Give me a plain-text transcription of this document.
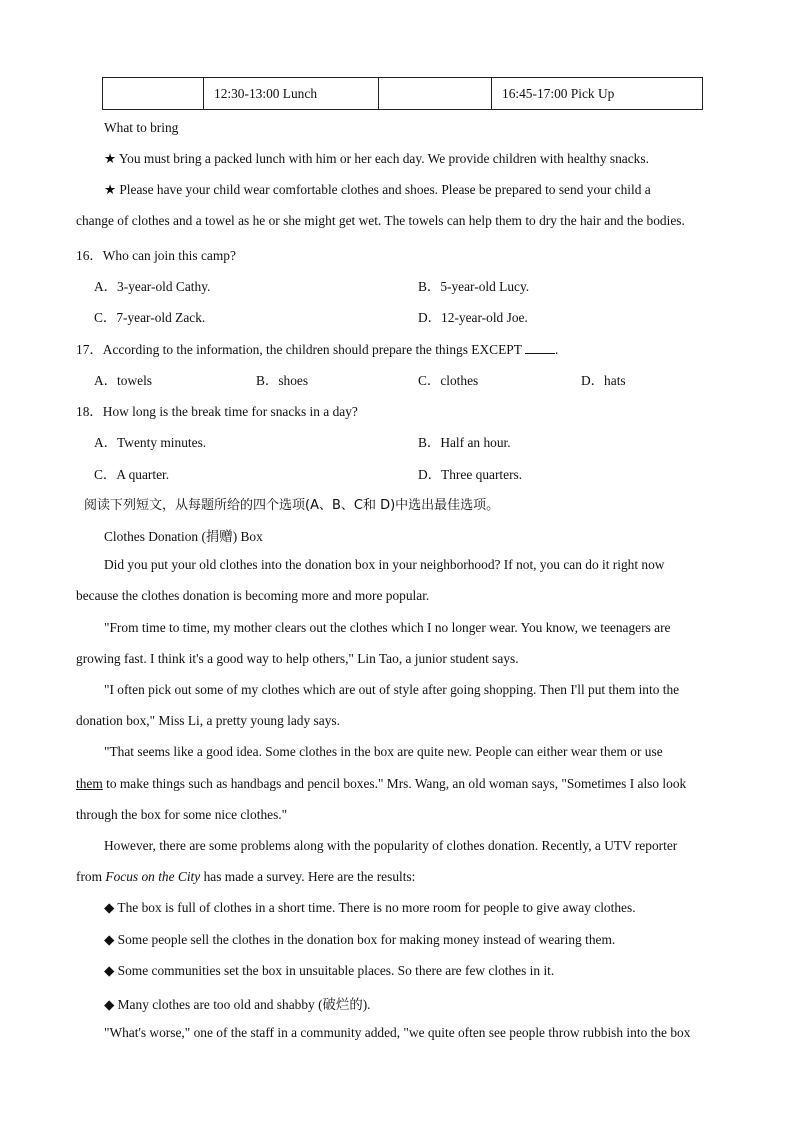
	12:30-13:00 Lunch		16:45-17:00 Pick Up
What to bring
★ You must bring a packed lunch with him or her each day. We provide children with healthy snacks.
★ Please have your child wear comfortable clothes and shoes. Please be prepared to send your child a
change of clothes and a towel as he or she might get wet. The towels can help them to dry the hair and the bodies.
16．Who can join this camp?
A．3-year-old Cathy.	B．5-year-old Lucy.
C．7-year-old Zack.	D．12-year-old Joe.
17．According to the information, the children should prepare the things EXCEPT .
A．towels	B．shoes	C．clothes	D．hats
18．How long is the break time for snacks in a day?
A．Twenty minutes.	B．Half an hour.
C．A quarter.	D．Three quarters.
阅读下列短文，从每题所给的四个选项(A、B、C和 D)中选出最佳选项。
Clothes Donation (捐赠) Box
Did you put your old clothes into the donation box in your neighborhood? If not, you can do it right now
because the clothes donation is becoming more and more popular.
"From time to time, my mother clears out the clothes which I no longer wear. You know, we teenagers are
growing fast. I think it's a good way to help others," Lin Tao, a junior student says.
"I often pick out some of my clothes which are out of style after going shopping. Then I'll put them into the
donation box," Miss Li, a pretty young lady says.
"That seems like a good idea. Some clothes in the box are quite new. People can either wear them or use
them to make things such as handbags and pencil boxes." Mrs. Wang, an old woman says, "Sometimes I also look
through the box for some nice clothes."
However, there are some problems along with the popularity of clothes donation. Recently, a UTV reporter
from Focus on the City has made a survey. Here are the results:
◆ The box is full of clothes in a short time. There is no more room for people to give away clothes.
◆ Some people sell the clothes in the donation box for making money instead of wearing them.
◆ Some communities set the box in unsuitable places. So there are few clothes in it.
◆ Many clothes are too old and shabby (破烂的).
"What's worse," one of the staff in a community added, "we quite often see people throw rubbish into the box
